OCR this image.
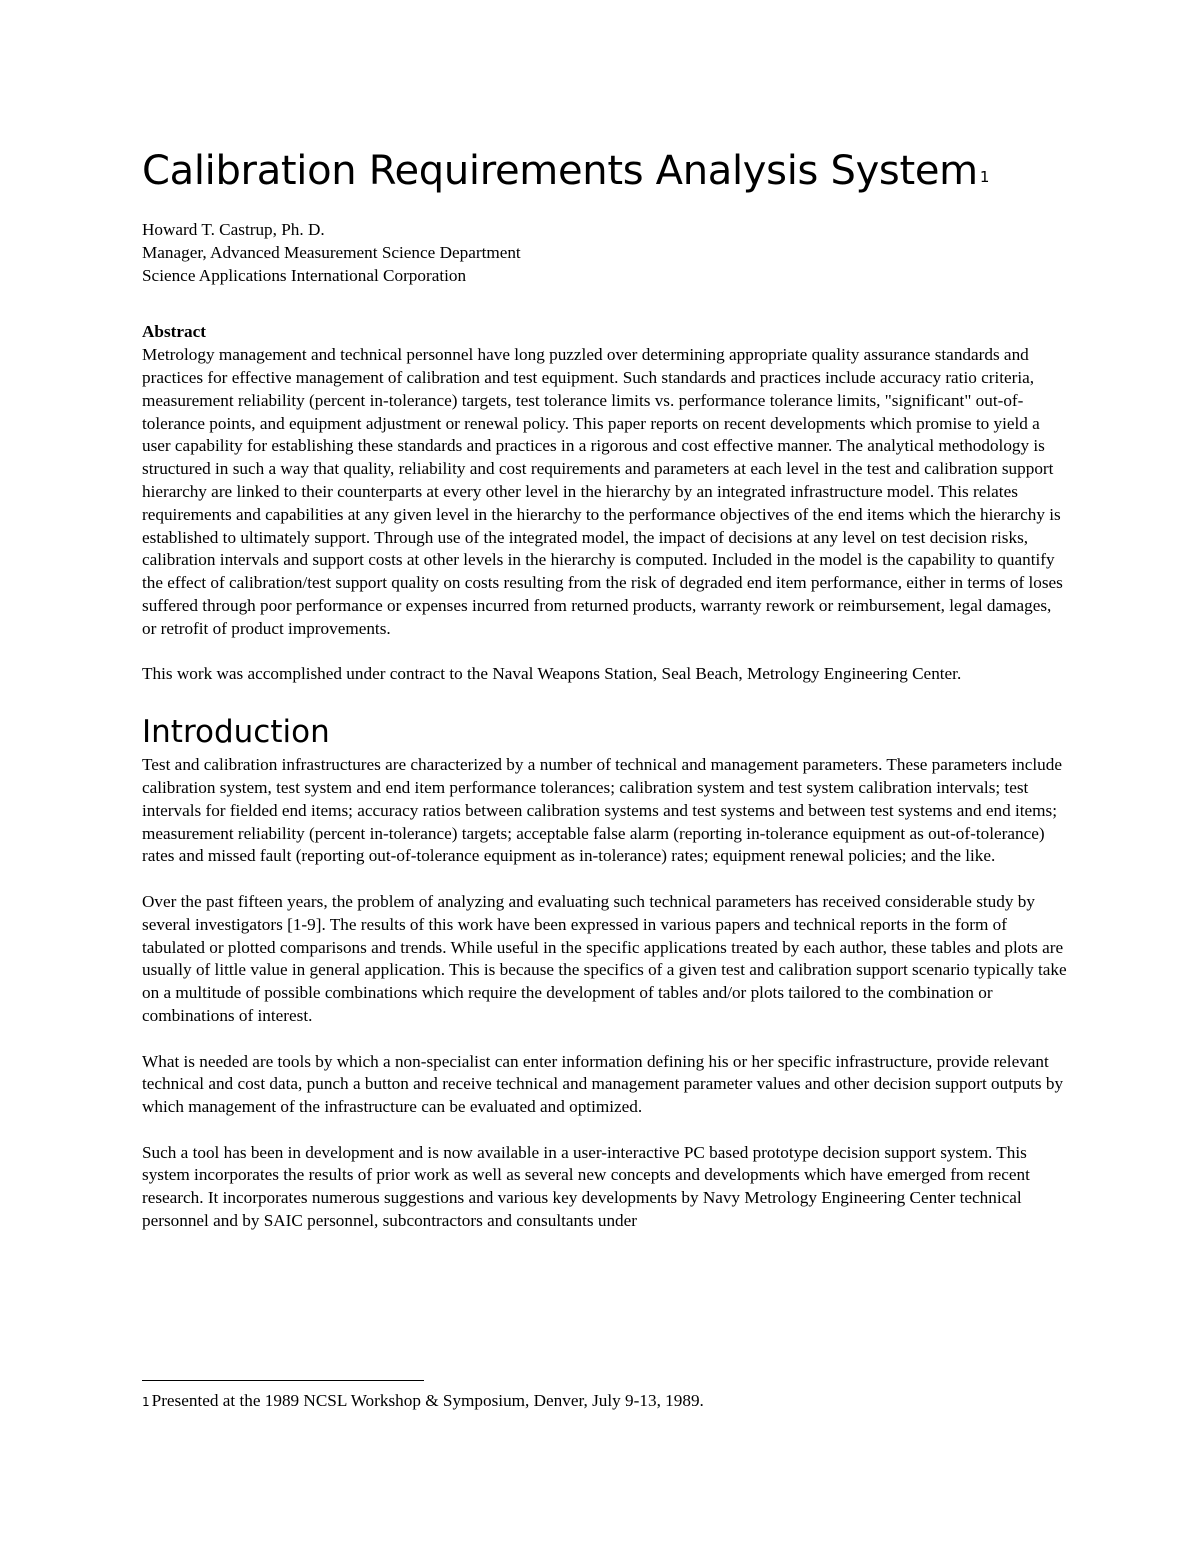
Calibration Requirements Analysis System $^1$
Howard T. Castrup, Ph. D.
Manager, Advanced Measurement Science Department
Science Applications International Corporation
Abstract

Metrology management and technical personnel have long puzzled over determining appropriate quality assurance standards and practices for effective management of calibration and test equipment. Such standards and practices include accuracy ratio criteria, measurement reliability (percent in-tolerance) targets, test tolerance limits vs. performance tolerance limits, "significant" out-of-tolerance points, and equipment adjustment or renewal policy. This paper reports on recent developments which promise to yield a user capability for establishing these standards and practices in a rigorous and cost effective manner. The analytical methodology is structured in such a way that quality, reliability and cost requirements and parameters at each level in the test and calibration support hierarchy are linked to their counterparts at every other level in the hierarchy by an integrated infrastructure model. This relates requirements and capabilities at any given level in the hierarchy to the performance objectives of the end items which the hierarchy is established to ultimately support. Through use of the integrated model, the impact of decisions at any level on test decision risks, calibration intervals and support costs at other levels in the hierarchy is computed. Included in the model is the capability to quantify the effect of calibration/test support quality on costs resulting from the risk of degraded end item performance, either in terms of loses suffered through poor performance or expenses incurred from returned products, warranty rework or reimbursement, legal damages, or retrofit of product improvements.

This work was accomplished under contract to the Naval Weapons Station, Seal Beach, Metrology Engineering Center.

Introduction

Test and calibration infrastructures are characterized by a number of technical and management parameters. These parameters include calibration system, test system and end item performance tolerances; calibration system and test system calibration intervals; test intervals for fielded end items; accuracy ratios between calibration systems and test systems and between test systems and end items; measurement reliability (percent in-tolerance) targets; acceptable false alarm (reporting in-tolerance equipment as out-of-tolerance) rates and missed fault (reporting out-of-tolerance equipment as in-tolerance) rates; equipment renewal policies; and the like.

Over the past fifteen years, the problem of analyzing and evaluating such technical parameters has received considerable study by several investigators [1-9]. The results of this work have been expressed in various papers and technical reports in the form of tabulated or plotted comparisons and trends. While useful in the specific applications treated by each author, these tables and plots are usually of little value in general application. This is because the specifics of a given test and calibration support scenario typically take on a multitude of possible combinations which require the development of tables and/or plots tailored to the combination or combinations of interest.

What is needed are tools by which a non-specialist can enter information defining his or her specific infrastructure, provide relevant technical and cost data, punch a button and receive technical and management parameter values and other decision support outputs by which management of the infrastructure can be evaluated and optimized.

Such a tool has been in development and is now available in a user-interactive PC based prototype decision support system. This system incorporates the results of prior work as well as several new concepts and developments which have emerged from recent research. It incorporates numerous suggestions and various key developments by Navy Metrology Engineering Center technical personnel and by SAIC personnel, subcontractors and consultants under

$^1$ Presented at the 1989 NCSL Workshop & Symposium, Denver, July 9-13, 1989.
